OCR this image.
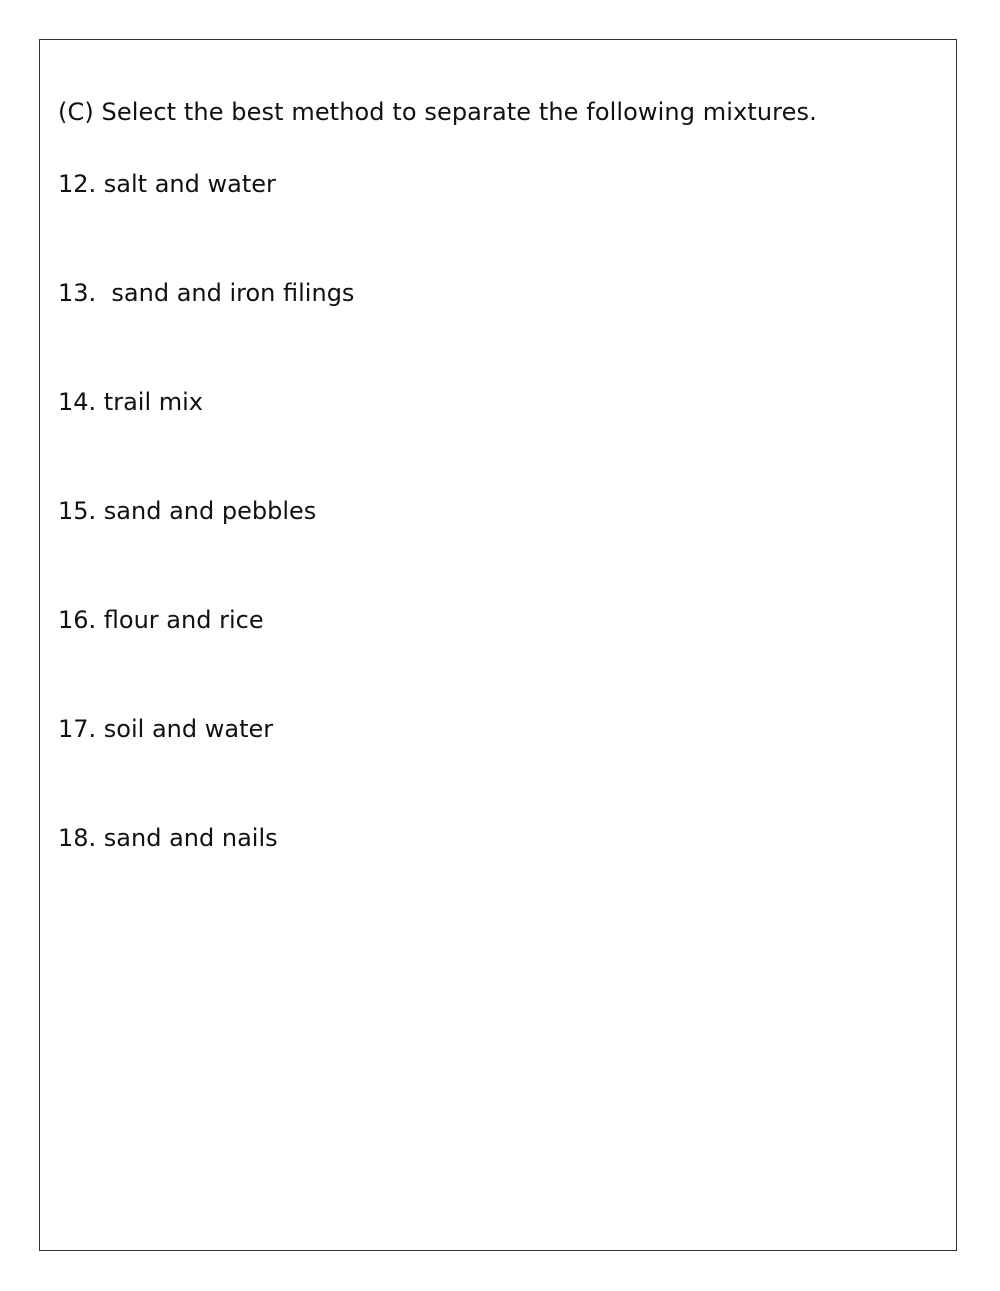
(C) Select the best method to separate the following mixtures.
12. salt and water
13.  sand and iron filings
14. trail mix
15. sand and pebbles
16. flour and rice
17. soil and water
18. sand and nails
